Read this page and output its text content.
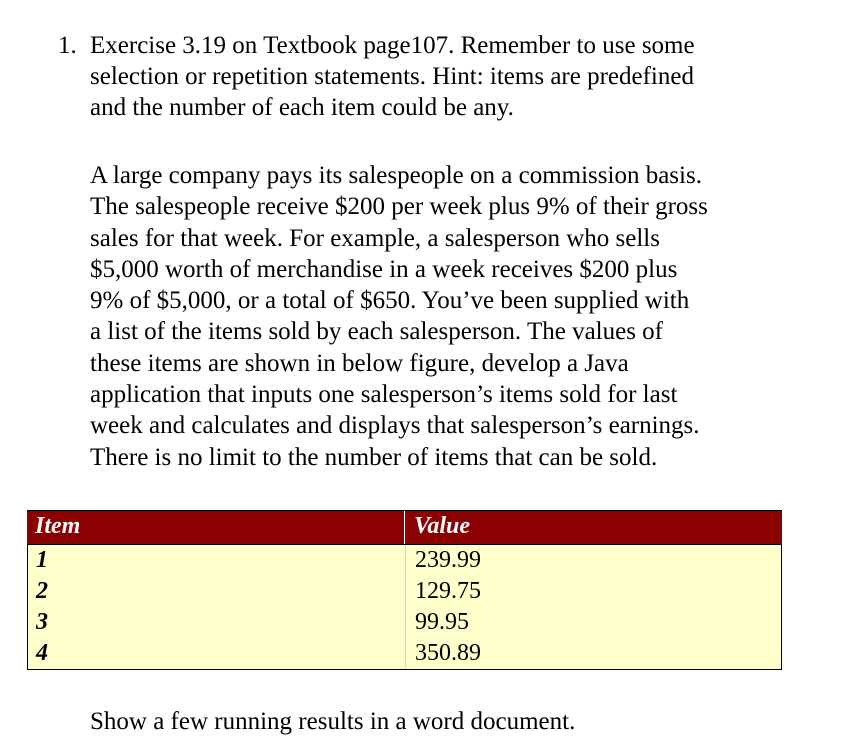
1. Exercise 3.19 on Textbook page107. Remember to use some
selection or repetition statements. Hint: items are predefined
and the number of each item could be any.
A large company pays its salespeople on a commission basis.
The salespeople receive $200 per week plus 9% of their gross
sales for that week. For example, a salesperson who sells
$5,000 worth of merchandise in a week receives $200 plus
9% of $5,000, or a total of $650. You’ve been supplied with
a list of the items sold by each salesperson. The values of
these items are shown in below figure, develop a Java
application that inputs one salesperson’s items sold for last
week and calculates and displays that salesperson’s earnings.
There is no limit to the number of items that can be sold.
Item	Value
1	239.99
2	129.75
3	99.95
4	350.89
Show a few running results in a word document.
